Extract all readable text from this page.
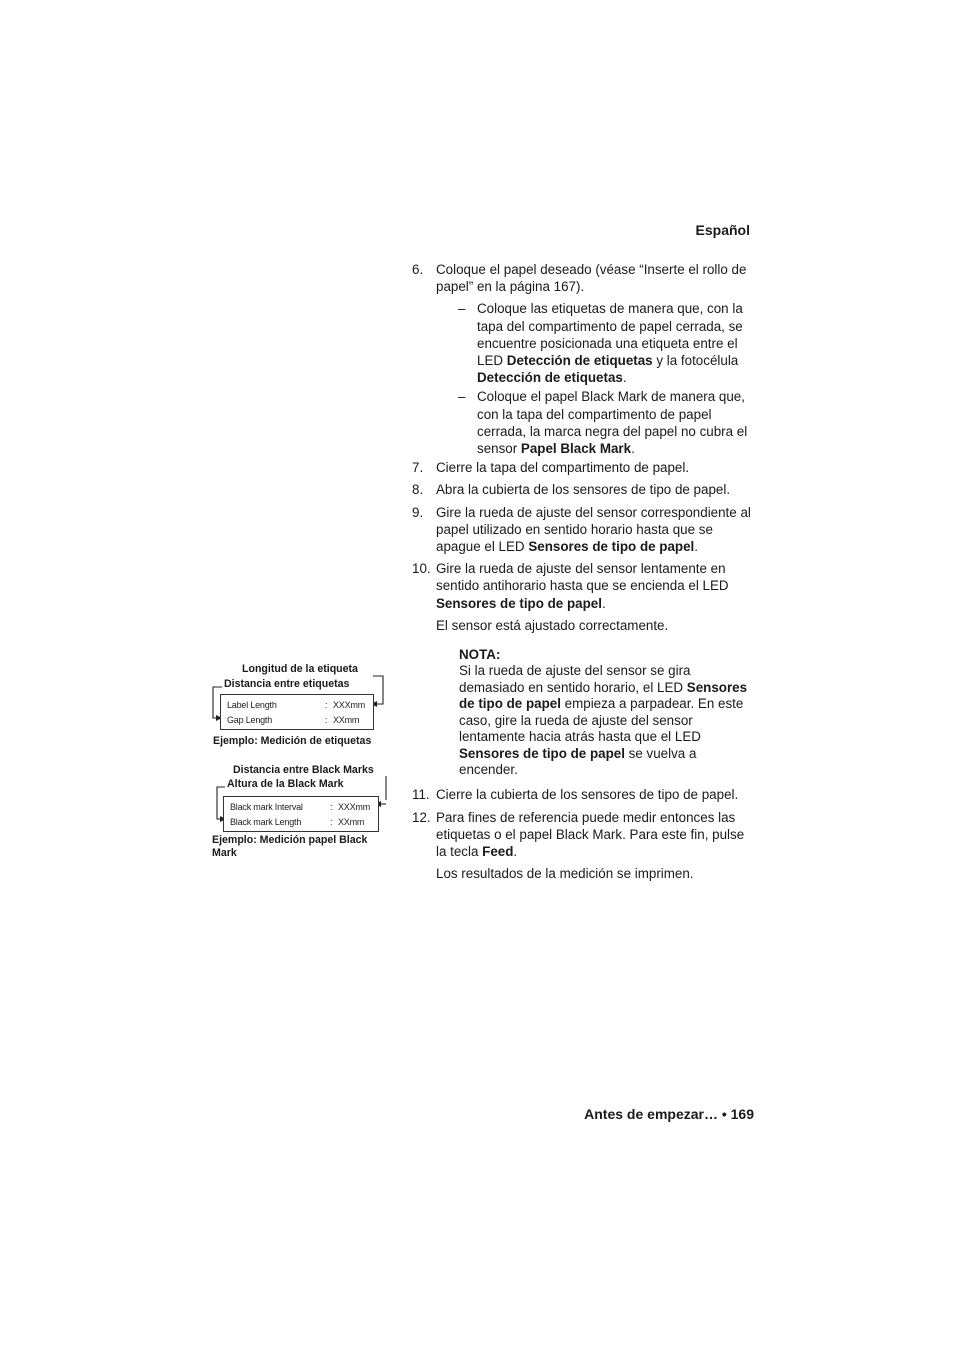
Español
6. Coloque el papel deseado (véase “Inserte el rollo de papel” en la página 167).
– Coloque las etiquetas de manera que, con la tapa del compartimento de papel cerrada, se encuentre posicionada una etiqueta entre el LED Detección de etiquetas y la fotocélula Detección de etiquetas.
– Coloque el papel Black Mark de manera que, con la tapa del compartimento de papel cerrada, la marca negra del papel no cubra el sensor Papel Black Mark.
7. Cierre la tapa del compartimento de papel.
8. Abra la cubierta de los sensores de tipo de papel.
9. Gire la rueda de ajuste del sensor correspondiente al papel utilizado en sentido horario hasta que se apague el LED Sensores de tipo de papel.
10. Gire la rueda de ajuste del sensor lentamente en sentido antihorario hasta que se encienda el LED Sensores de tipo de papel.
El sensor está ajustado correctamente.
NOTA:
Si la rueda de ajuste del sensor se gira demasiado en sentido horario, el LED Sensores de tipo de papel empieza a parpadear. En este caso, gire la rueda de ajuste del sensor lentamente hacia atrás hasta que el LED Sensores de tipo de papel se vuelva a encender.
11. Cierre la cubierta de los sensores de tipo de papel.
12. Para fines de referencia puede medir entonces las etiquetas o el papel Black Mark. Para este fin, pulse la tecla Feed.
Los resultados de la medición se imprimen.
Longitud de la etiqueta
Distancia entre etiquetas
Label Length	: XXXmm
Gap Length	: XXmm
Ejemplo: Medición de etiquetas
Distancia entre Black Marks
Altura de la Black Mark
Black mark Interval	: XXXmm
Black mark Length	: XXmm
Ejemplo: Medición papel Black
Mark
Antes de empezar… • 169
